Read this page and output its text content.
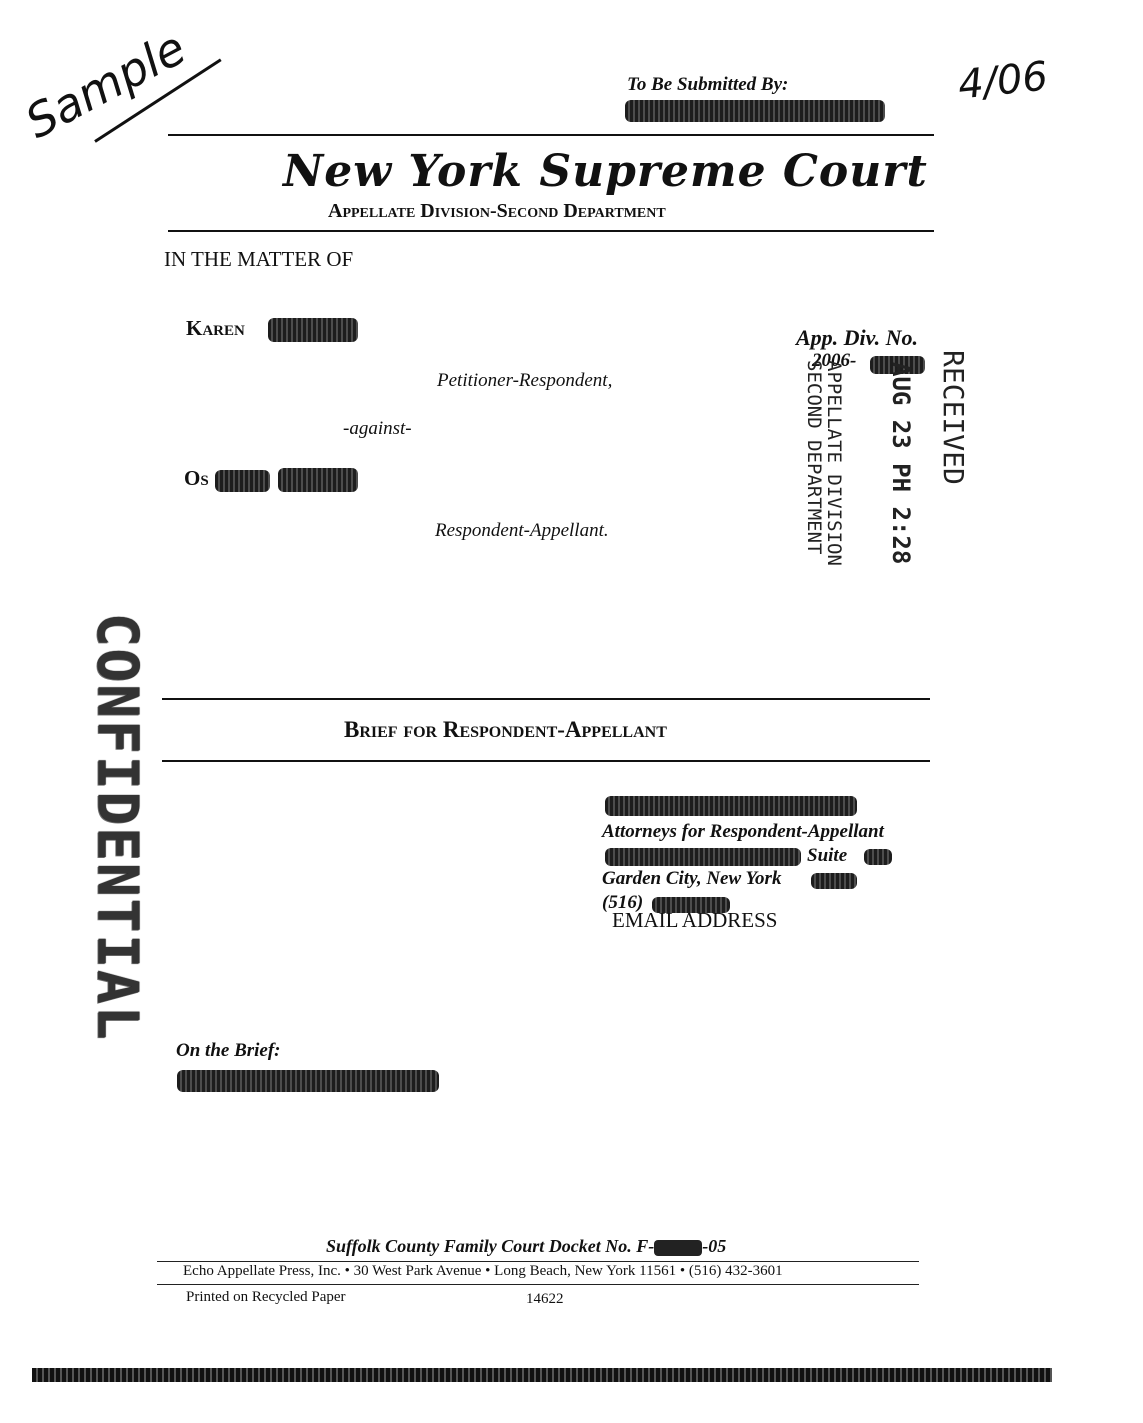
Sample	4/06
To Be Submitted By:
New York Supreme Court
Appellate Division-Second Department
IN THE MATTER OF
Karen
Petitioner-Respondent,
-against-
Os
Respondent-Appellant.
App. Div. No.
2006-
APPELLATE DIVISION
SECOND DEPARTMENT	AUG 23 PH 2:28 RECEIVED
CONFIDENTIAL	Brief for Respondent-Appellant
Attorneys for Respondent-Appellant
Suite
Garden City, New York
(516)
EMAIL ADDRESS
On the Brief:
Suffolk County Family Court Docket No. F-	-05
Echo Appellate Press, Inc. • 30 West Park Avenue • Long Beach, New York 11561 • (516) 432-3601
Printed on Recycled Paper	14622
